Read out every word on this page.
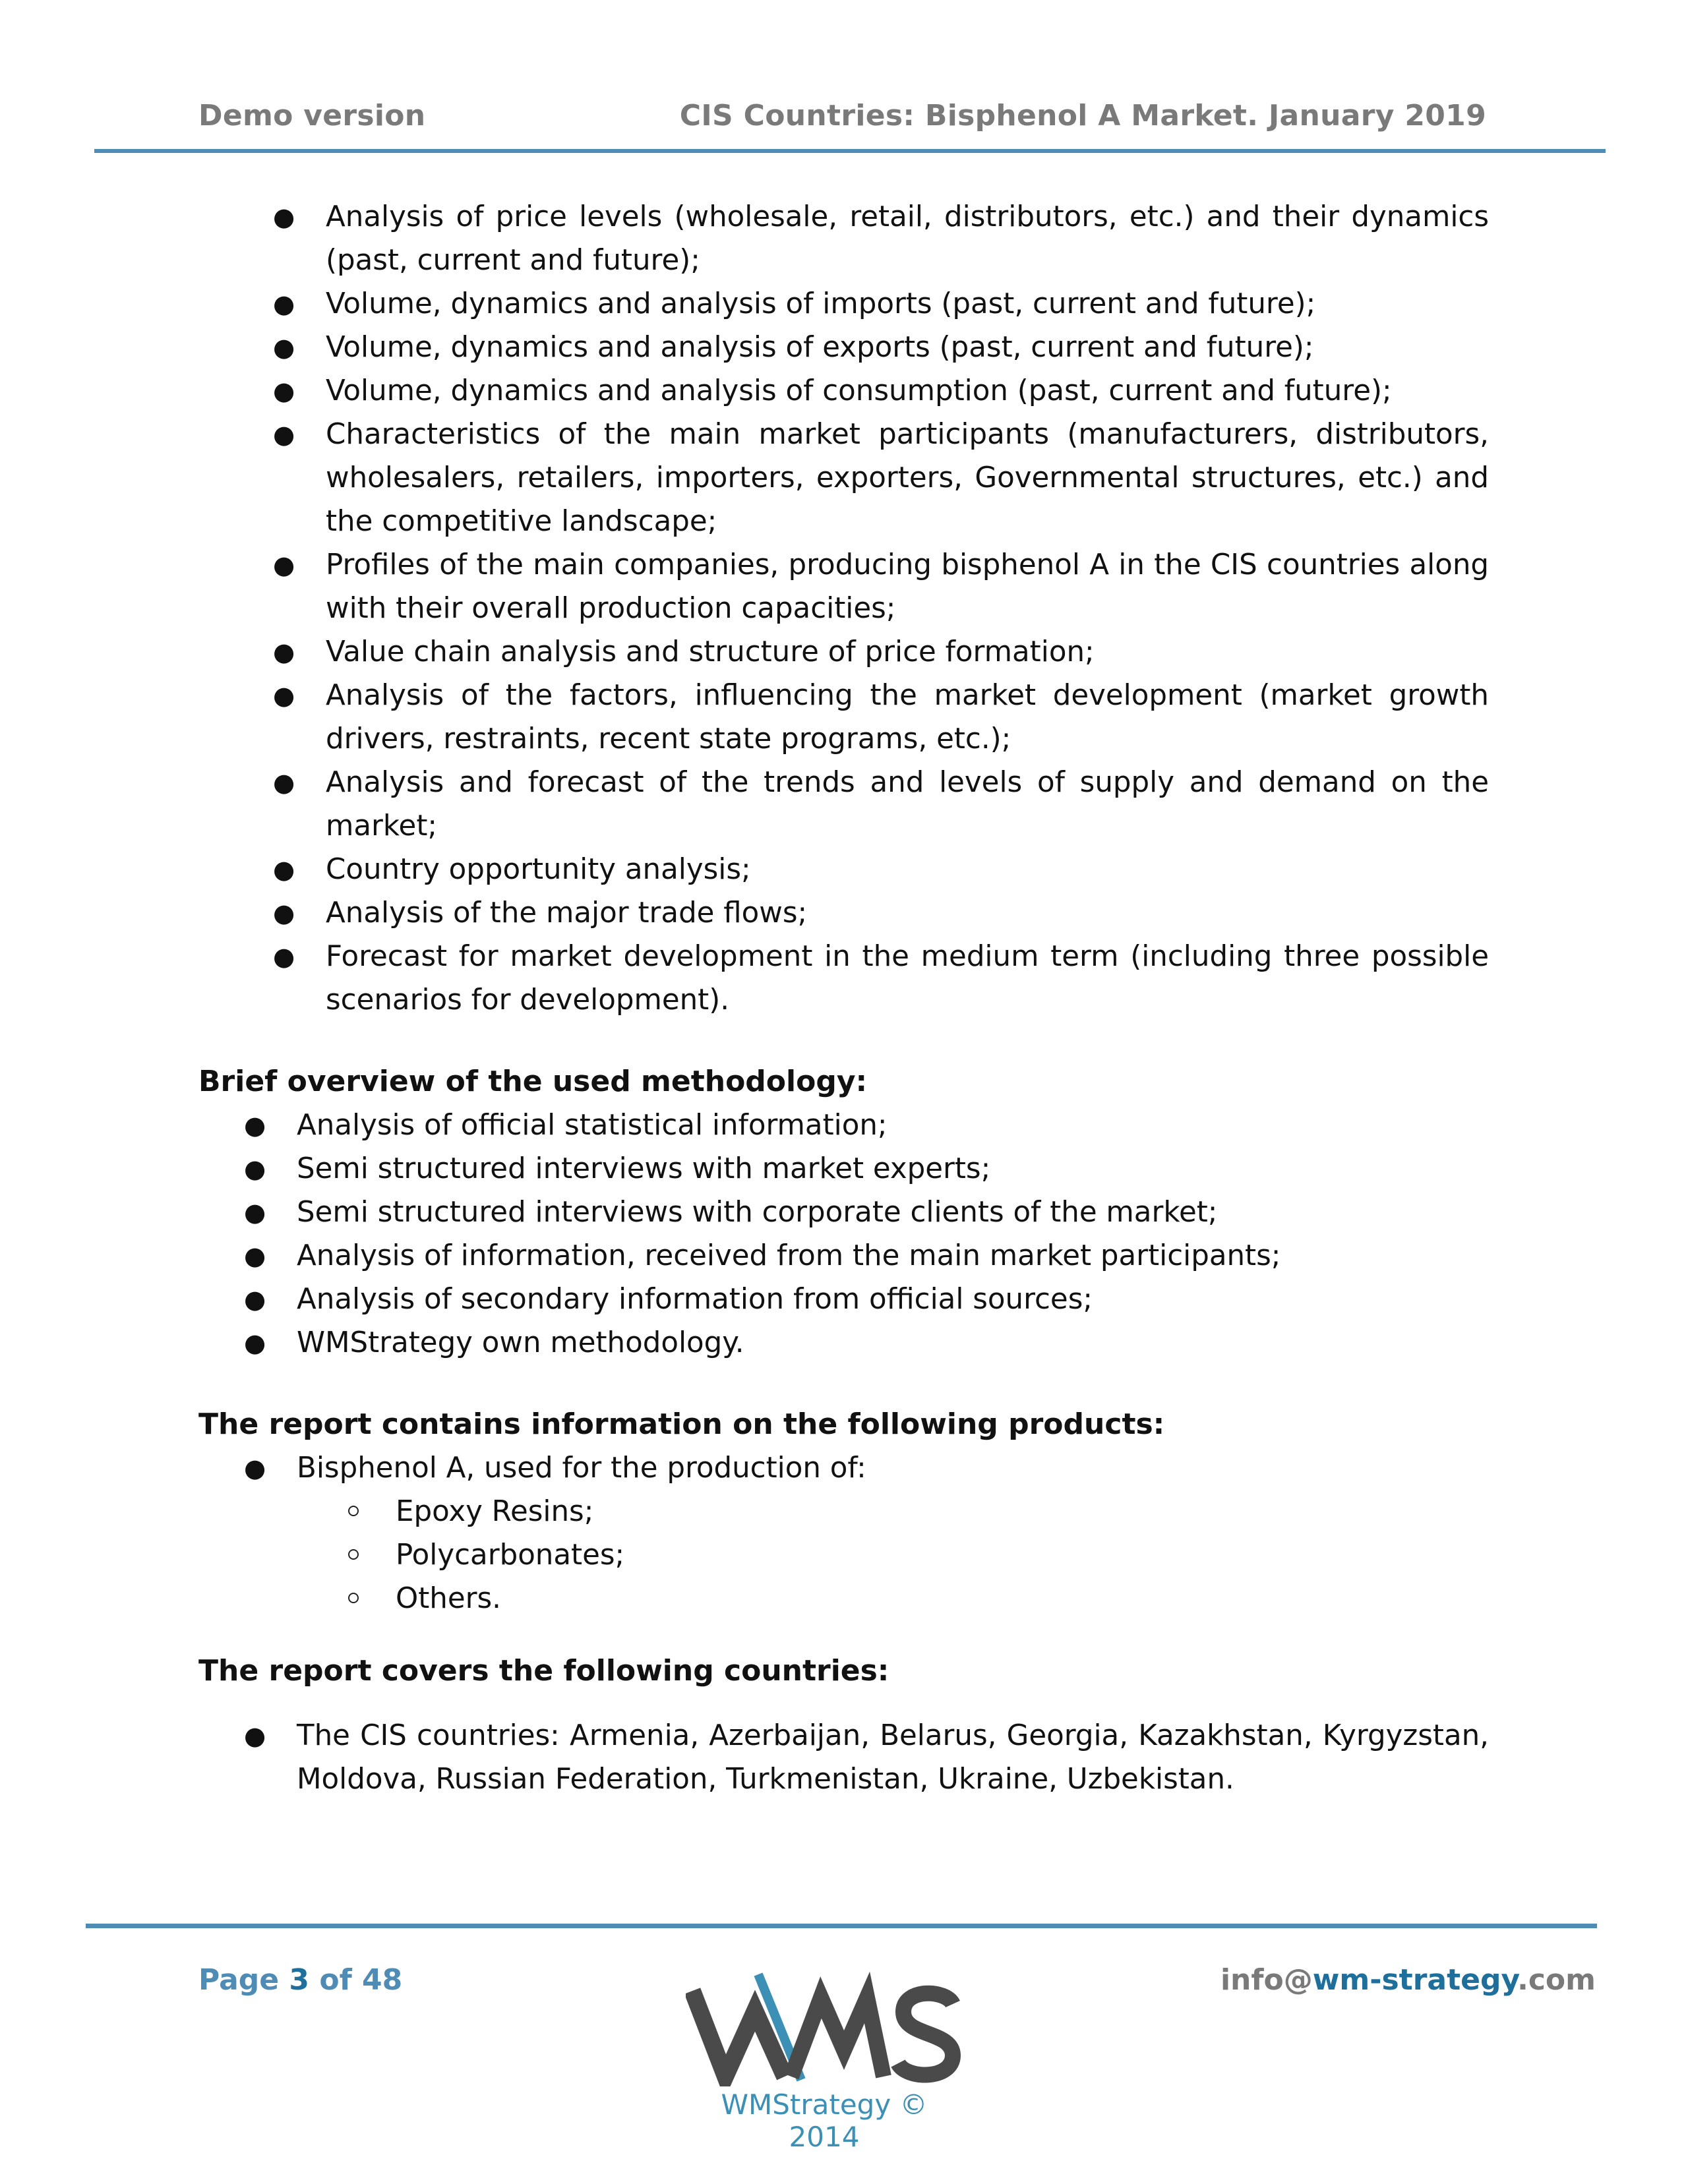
Demo version	CIS Countries: Bisphenol A Market. January 2019
● Analysis of price levels (wholesale, retail, distributors, etc.) and their dynamics (past, current and future);
● Volume, dynamics and analysis of imports (past, current and future);
● Volume, dynamics and analysis of exports (past, current and future);
● Volume, dynamics and analysis of consumption (past, current and future);
● Characteristics of the main market participants (manufacturers, distributors, wholesalers, retailers, importers, exporters, Governmental structures, etc.) and the competitive landscape;
● Profiles of the main companies, producing bisphenol A in the CIS countries along with their overall production capacities;
● Value chain analysis and structure of price formation;
● Analysis of the factors, influencing the market development (market growth drivers, restraints, recent state programs, etc.);
● Analysis and forecast of the trends and levels of supply and demand on the market;
● Country opportunity analysis;
● Analysis of the major trade flows;
● Forecast for market development in the medium term (including three possible scenarios for development).
Brief overview of the used methodology:
● Analysis of official statistical information;
● Semi structured interviews with market experts;
● Semi structured interviews with corporate clients of the market;
● Analysis of information, received from the main market participants;
● Analysis of secondary information from official sources;
● WMStrategy own methodology.
The report contains information on the following products:
● Bisphenol A, used for the production of:
Epoxy Resins;
Polycarbonates;
Others.
The report covers the following countries:
● The CIS countries: Armenia, Azerbaijan, Belarus, Georgia, Kazakhstan, Kyrgyzstan, Moldova, Russian Federation, Turkmenistan, Ukraine, Uzbekistan.
Page 3 of 48	info@wm-strategy.com
WMStrategy © 2014
